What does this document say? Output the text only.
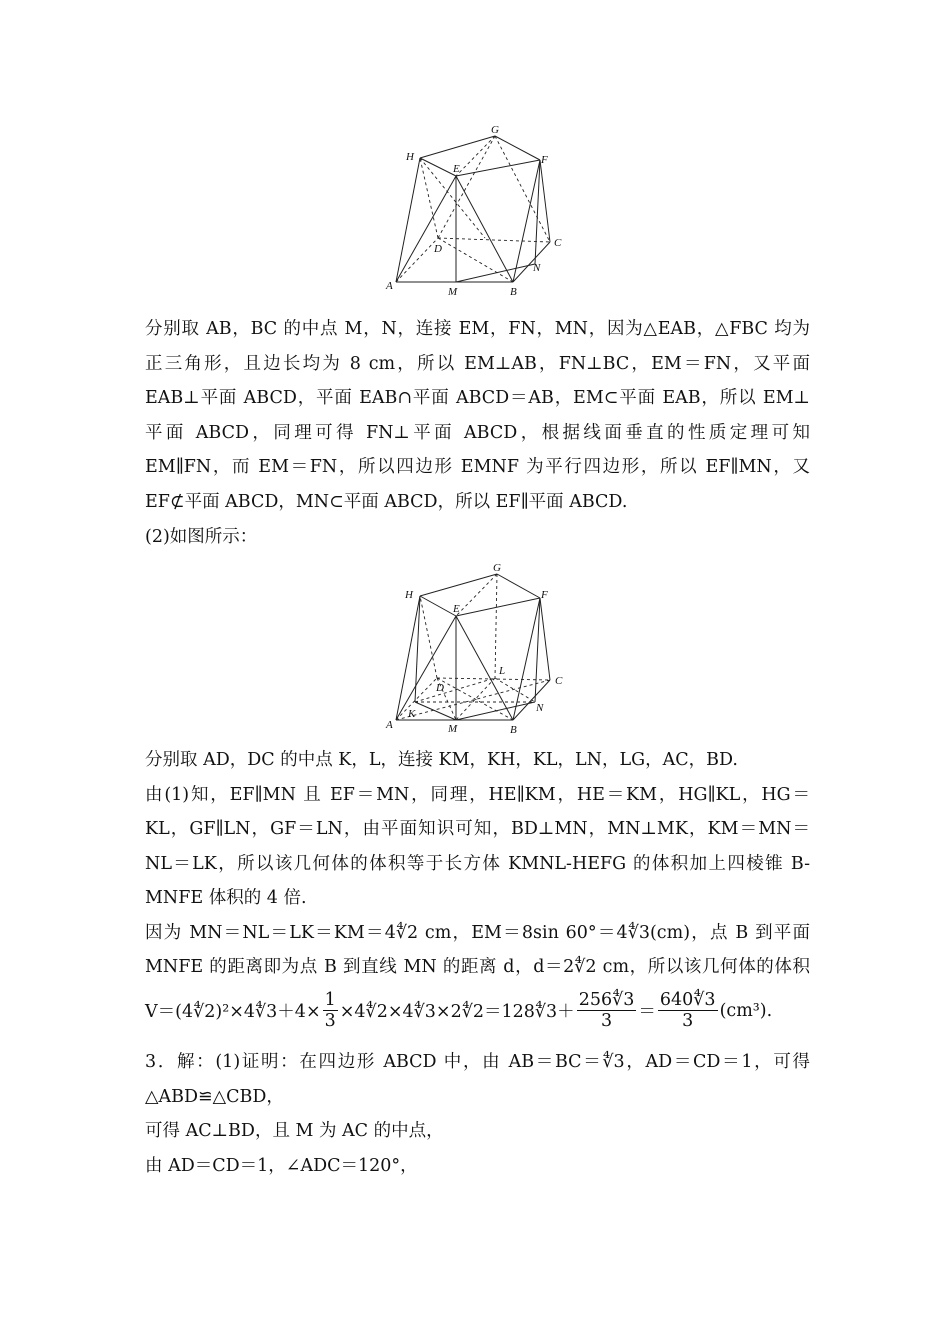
A	B
C
D
E
F
G
H
M
N
分别取 AB，BC 的中点 M，N，连接 EM，FN，MN，因为△EAB，△FBC 均为
正三角形，且边长均为 8 cm，所以 EM⊥AB，FN⊥BC，EM＝FN，又平面
EAB⊥平面 ABCD，平面 EAB∩平面 ABCD＝AB，EM⊂平面 EAB，所以 EM⊥
平面 ABCD，同理可得 FN⊥平面 ABCD，根据线面垂直的性质定理可知
EM∥FN，而 EM＝FN，所以四边形 EMNF 为平行四边形，所以 EF∥MN，又
EF⊄平面 ABCD，MN⊂平面 ABCD，所以 EF∥平面 ABCD.
(2)如图所示：
A	B
C
D
E
F
G
H
M
N
K
L
分别取 AD，DC 的中点 K，L，连接 KM，KH，KL，LN，LG，AC，BD.
由(1)知，EF∥MN 且 EF＝MN，同理，HE∥KM，HE＝KM，HG∥KL，HG＝
KL，GF∥LN，GF＝LN，由平面知识可知，BD⊥MN，MN⊥MK，KM＝MN＝
NL＝LK，所以该几何体的体积等于长方体 KMNL-HEFG 的体积加上四棱锥 B-
MNFE 体积的 4 倍.
因为 MN＝NL＝LK＝KM＝4∜2 cm，EM＝8sin 60°＝4∜3(cm)，点 B 到平面
MNFE 的距离即为点 B 到直线 MN 的距离 d，d＝2∜2 cm，所以该几何体的体积
V＝(4∜2)²×4∜3＋4× $\frac{1}{3}$ ×4∜2×4∜3×2∜2＝128∜3＋ $\frac{256∜3}{3} = \frac{640∜3}{3} (cm^3)$.
3．解：(1)证明：在四边形 ABCD 中，由 AB＝BC＝∜3，AD＝CD＝1，可得
△ABD≌△CBD，
可得 AC⊥BD，且 M 为 AC 的中点，
由 AD＝CD＝1，∠ADC＝120°，
